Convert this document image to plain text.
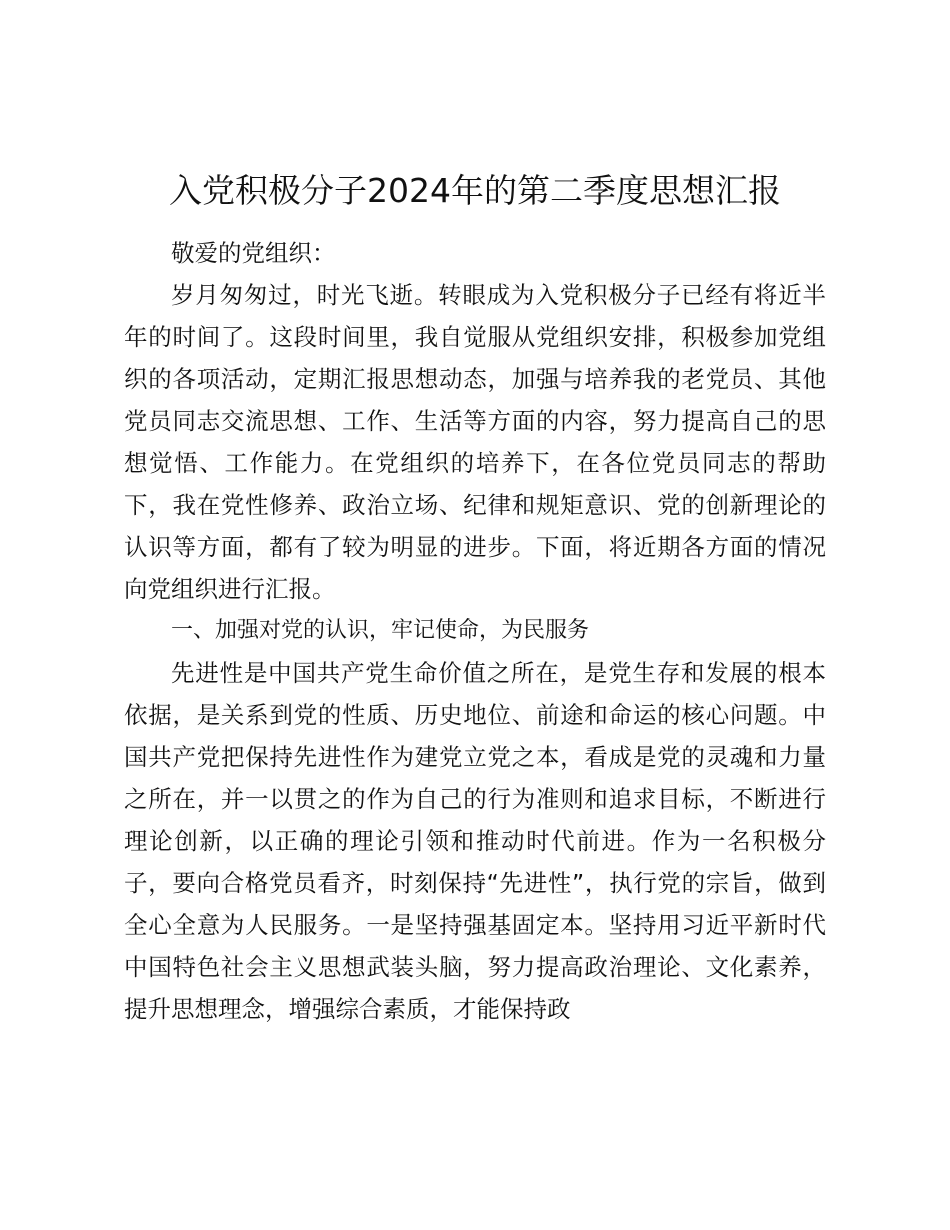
入党积极分子2024年的第二季度思想汇报

敬爱的党组织：

岁月匆匆过，时光飞逝。转眼成为入党积极分子已经有将近半年的时间了。这段时间里，我自觉服从党组织安排，积极参加党组织的各项活动，定期汇报思想动态，加强与培养我的老党员、其他党员同志交流思想、工作、生活等方面的内容，努力提高自己的思想觉悟、工作能力。在党组织的培养下，在各位党员同志的帮助下，我在党性修养、政治立场、纪律和规矩意识、党的创新理论的认识等方面，都有了较为明显的进步。下面，将近期各方面的情况向党组织进行汇报。

一、加强对党的认识，牢记使命，为民服务

先进性是中国共产党生命价值之所在，是党生存和发展的根本依据，是关系到党的性质、历史地位、前途和命运的核心问题。中国共产党把保持先进性作为建党立党之本，看成是党的灵魂和力量之所在，并一以贯之的作为自己的行为准则和追求目标，不断进行理论创新，以正确的理论引领和推动时代前进。作为一名积极分子，要向合格党员看齐，时刻保持“先进性”，执行党的宗旨，做到全心全意为人民服务。一是坚持强基固定本。坚持用习近平新时代中国特色社会主义思想武装头脑，努力提高政治理论、文化素养，提升思想理念，增强综合素质，才能保持政
